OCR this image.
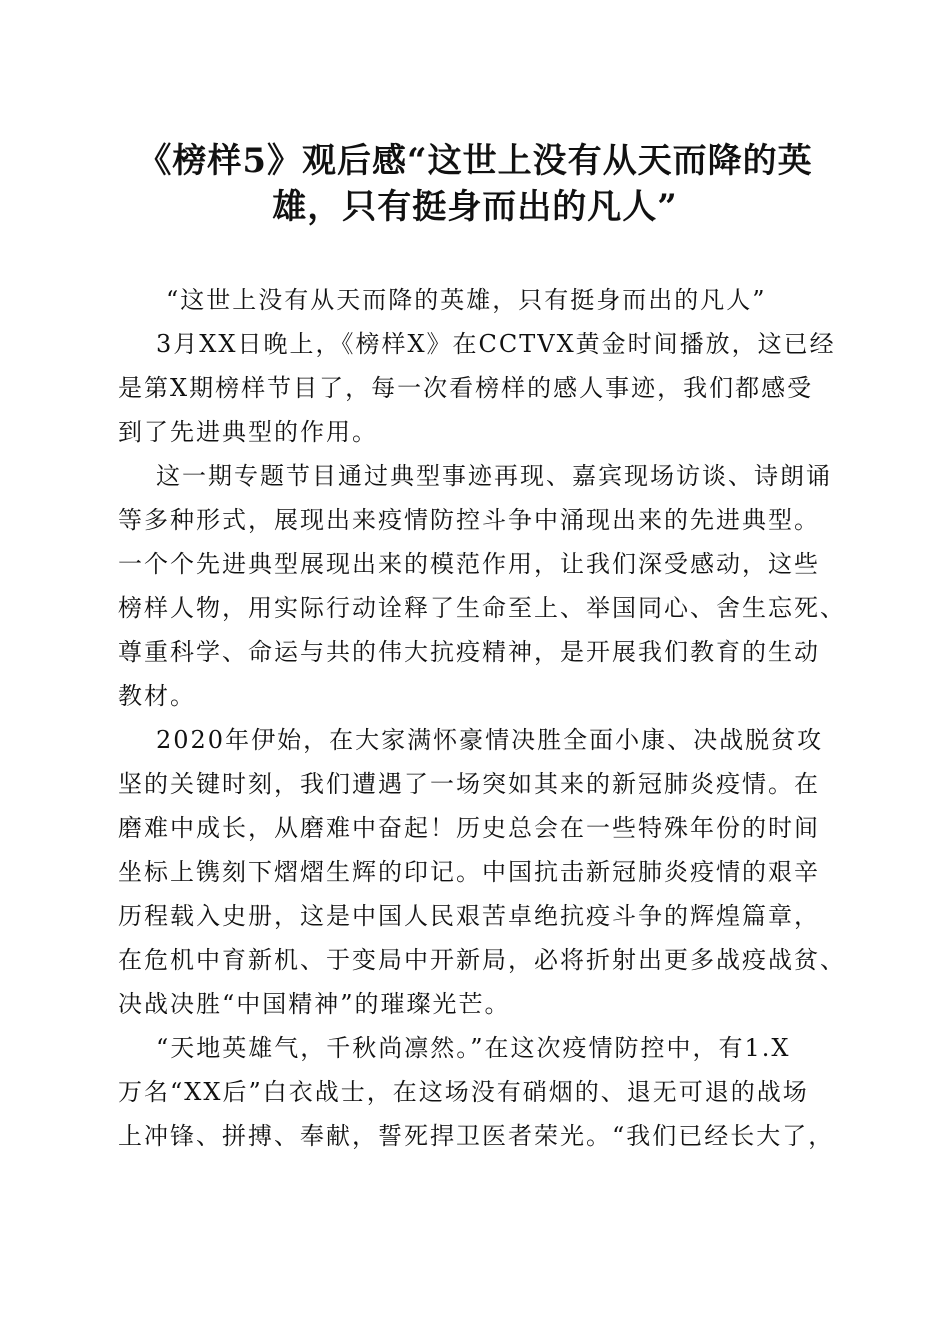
《榜样5》观后感“这世上没有从天而降的英
雄，只有挺身而出的凡人”
“这世上没有从天而降的英雄，只有挺身而出的凡人”
3月XX日晚上，《榜样X》在CCTVX黄金时间播放，这已经
是第X期榜样节目了，每一次看榜样的感人事迹，我们都感受
到了先进典型的作用。
这一期专题节目通过典型事迹再现、嘉宾现场访谈、诗朗诵
等多种形式，展现出来疫情防控斗争中涌现出来的先进典型。
一个个先进典型展现出来的模范作用，让我们深受感动，这些
榜样人物，用实际行动诠释了生命至上、举国同心、舍生忘死、
尊重科学、命运与共的伟大抗疫精神，是开展我们教育的生动
教材。
2020年伊始，在大家满怀豪情决胜全面小康、决战脱贫攻
坚的关键时刻，我们遭遇了一场突如其来的新冠肺炎疫情。在
磨难中成长，从磨难中奋起！历史总会在一些特殊年份的时间
坐标上镌刻下熠熠生辉的印记。中国抗击新冠肺炎疫情的艰辛
历程载入史册，这是中国人民艰苦卓绝抗疫斗争的辉煌篇章，
在危机中育新机、于变局中开新局，必将折射出更多战疫战贫、
决战决胜“中国精神”的璀璨光芒。
“天地英雄气，千秋尚凛然。”在这次疫情防控中，有1.X
万名“XX后”白衣战士，在这场没有硝烟的、退无可退的战场
上冲锋、拼搏、奉献，誓死捍卫医者荣光。“我们已经长大了，
